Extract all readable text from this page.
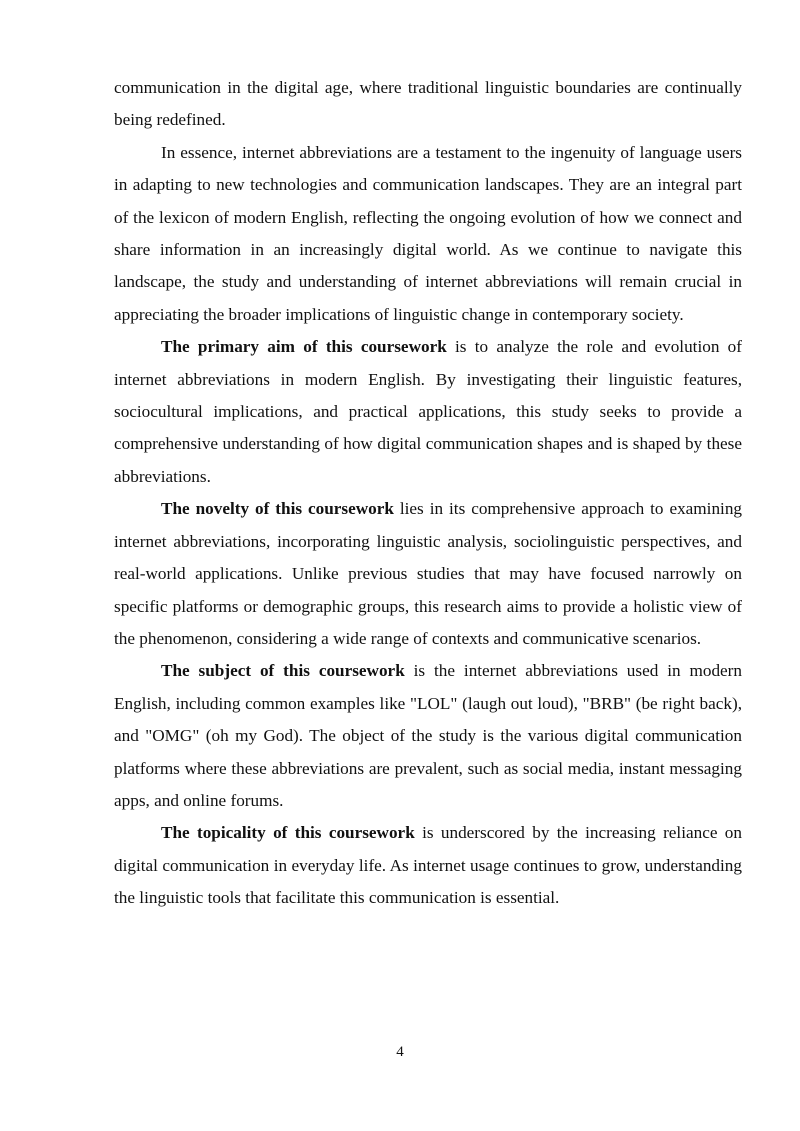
communication in the digital age, where traditional linguistic boundaries are continually being redefined.

In essence, internet abbreviations are a testament to the ingenuity of language users in adapting to new technologies and communication landscapes. They are an integral part of the lexicon of modern English, reflecting the ongoing evolution of how we connect and share information in an increasingly digital world. As we continue to navigate this landscape, the study and understanding of internet abbreviations will remain crucial in appreciating the broader implications of linguistic change in contemporary society.

The primary aim of this coursework is to analyze the role and evolution of internet abbreviations in modern English. By investigating their linguistic features, sociocultural implications, and practical applications, this study seeks to provide a comprehensive understanding of how digital communication shapes and is shaped by these abbreviations.

The novelty of this coursework lies in its comprehensive approach to examining internet abbreviations, incorporating linguistic analysis, sociolinguistic perspectives, and real-world applications. Unlike previous studies that may have focused narrowly on specific platforms or demographic groups, this research aims to provide a holistic view of the phenomenon, considering a wide range of contexts and communicative scenarios.

The subject of this coursework is the internet abbreviations used in modern English, including common examples like "LOL" (laugh out loud), "BRB" (be right back), and "OMG" (oh my God). The object of the study is the various digital communication platforms where these abbreviations are prevalent, such as social media, instant messaging apps, and online forums.

The topicality of this coursework is underscored by the increasing reliance on digital communication in everyday life. As internet usage continues to grow, understanding the linguistic tools that facilitate this communication is essential.

4
